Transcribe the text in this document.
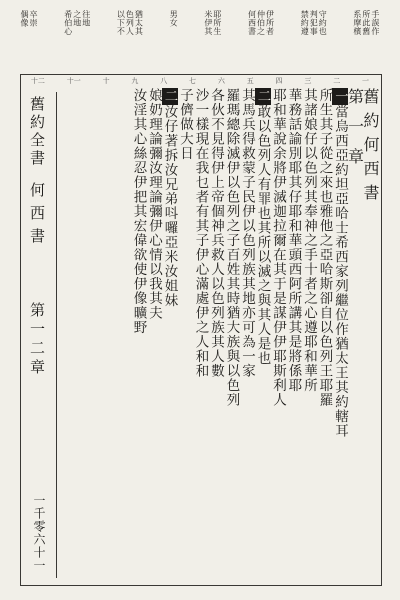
手誤作
所此舊
系摩檳
守約也
判犯事
禁約遵
伊所者
仲伯之
何西書
耶所生
米伊其
男女
猶太其
色列人
以下不
往地
之地
希伯心
卒崇
偶像
一
二
三
四
五
六
七
八
九
十
十一
十二
舊約全書
何西書
第一二章
一千零六十一
舊約何西書
第一章
一當烏西亞約坦亞哈士希西家列繼位作猶太王其約轄耳
所生其子從之來也雅他之亞哈斯卻自以色列王耶羅
其諸娘仔以色列其奉神之手十者之心遵耶和華所
華務話諭別耶其仔耶和華頭西阿所講其是將係耶
耶和華說余將伊滅迦拉爾在其于是謀伊伊耶斯利人
二敢以色列人有罪也其所以滅之與其人是也
其馬兵得救蒙子民伊以色列族其地亦可為一家
羅瑪總除滅伊以色列之子百姓其時猶大族與以色列
各伙不見得伊上帝個神兵救人以色列族其人數
沙一樣現在我乜者有其子伊心滿處伊之人和和
子儕做大日
二汝仔著拆汝兄弟呌囉亞米汝姐妹
娘奶理論彌汝理論彌伊心情以我其夫
汝淫其心絲忍伊把其宏偉欲使伊像曠野
